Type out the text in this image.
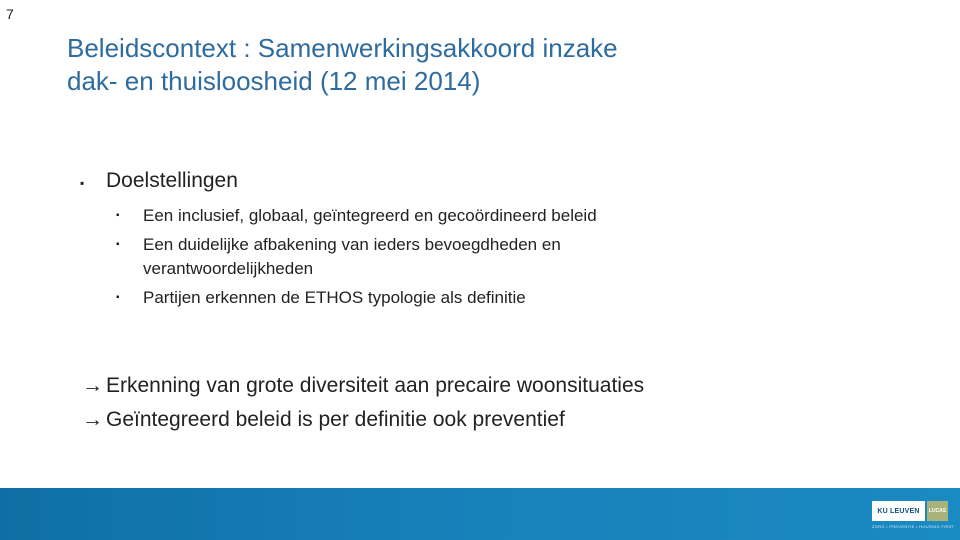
7
Beleidscontext : Samenwerkingsakkoord inzake
dak- en thuisloosheid (12 mei 2014)
▪	Doelstellingen
▪	Een inclusief, globaal, geïntegreerd en gecoördineerd beleid
▪	Een duidelijke afbakening van ieders bevoegdheden en verantwoordelijkheden
▪	Partijen erkennen de ETHOS typologie als definitie
→ Erkenning van grote diversiteit aan precaire woonsituaties
→ Geïntegreerd beleid is per definitie ook preventief
KU LEUVEN	LUCAS
ZORG • PREVENTIE • HOUSING FIRST
